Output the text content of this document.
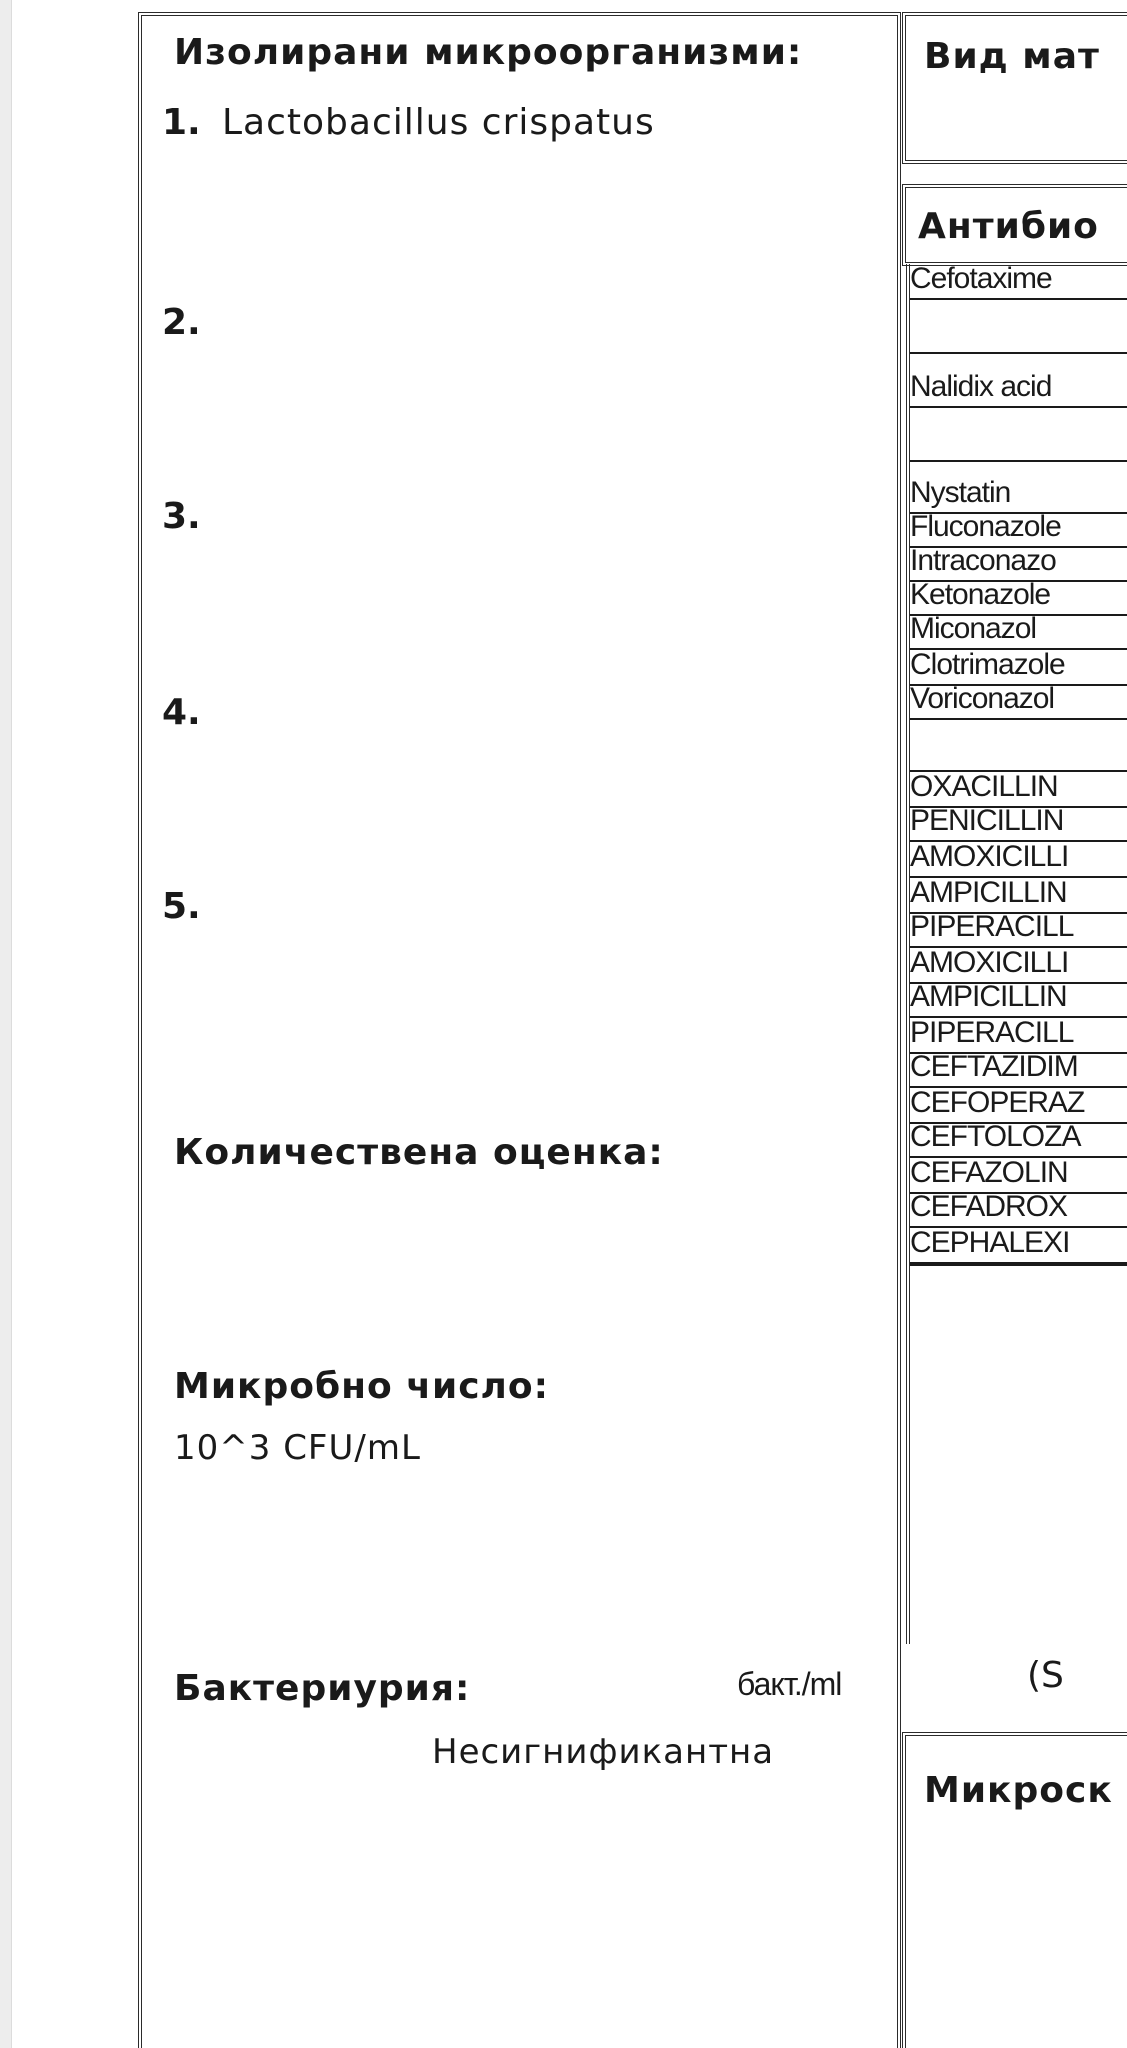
Изолирани микроорганизми:
1. Lactobacillus crispatus
2.
3.
4.
5.
Количествена оценка:
Микробно число:
10^3 CFU/mL
Бактериурия:	бакт./ml
Несигнификантна
Вид мат
Антибио
Cefotaxime
Nalidix acid
Nystatin
Fluconazole
Intraconazo
Ketonazole
Miconazol
Clotrimazole
Voriconazol
OXACILLIN
PENICILLIN
AMOXICILLI
AMPICILLIN
PIPERACILL
AMOXICILLI
AMPICILLIN
PIPERACILL
CEFTAZIDIM
CEFOPERAZ
CEFTOLOZA
CEFAZOLIN
CEFADROX
CEPHALEXI
(S
Микроск
